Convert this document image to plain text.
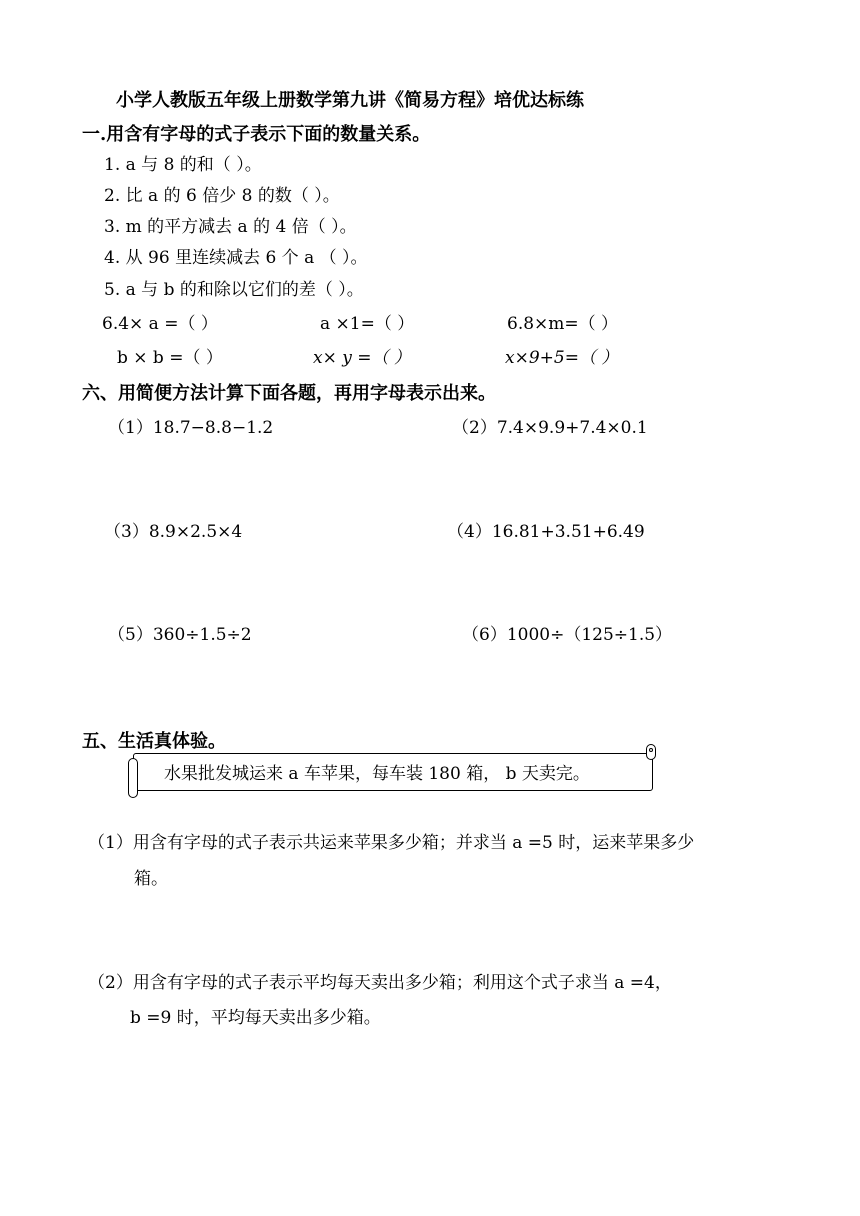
小学人教版五年级上册数学第九讲《简易方程》培优达标练
一.用含有字母的式子表示下面的数量关系。
1. a 与 8 的和（ ）。
2. 比 a 的 6 倍少 8 的数（ ）。
3. m 的平方减去 a 的 4 倍（ ）。
4. 从 96 里连续减去 6 个 a （ ）。
5. a 与 b 的和除以它们的差（ ）。
6.4× a =（ ）	a ×1=（ ）	6.8×m=（ ）
b × b =（ ）	x× y =（ ）	x×9+5=（ ）
六、用简便方法计算下面各题，再用字母表示出来。
（1）18.7−8.8−1.2	（2）7.4×9.9+7.4×0.1
（3）8.9×2.5×4	（4）16.81+3.51+6.49
（5）360÷1.5÷2	（6）1000÷（125÷1.5）
五、生活真体验。
水果批发城运来 a 车苹果，每车装 180 箱， b 天卖完。
（1）用含有字母的式子表示共运来苹果多少箱；并求当 a =5 时，运来苹果多少
箱。
（2）用含有字母的式子表示平均每天卖出多少箱；利用这个式子求当 a =4，
b =9 时，平均每天卖出多少箱。
